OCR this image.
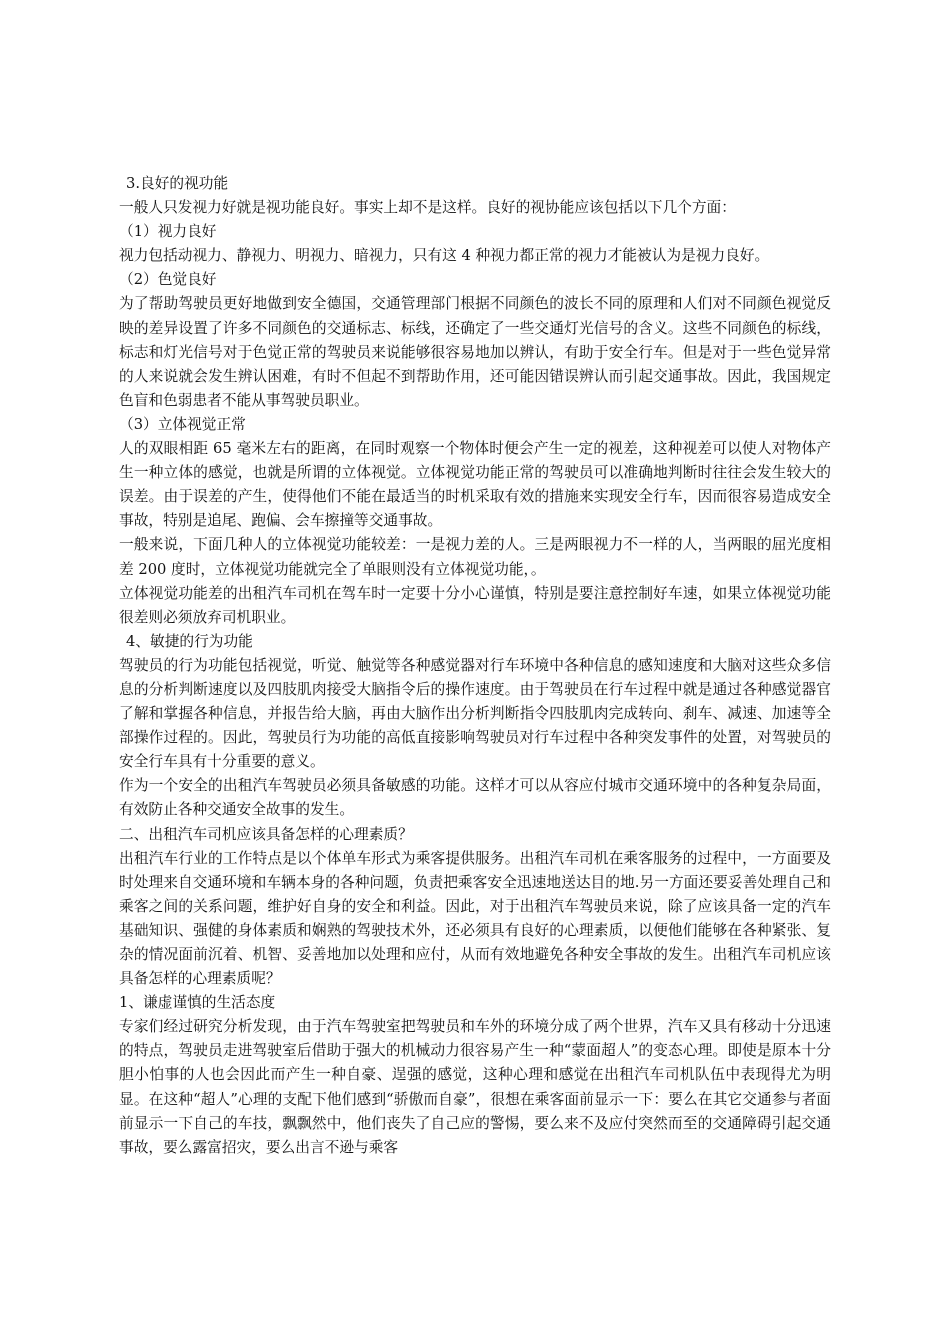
3.良好的视功能

一般人只发视力好就是视功能良好。事实上却不是这样。良好的视协能应该包括以下几个方面：

（1）视力良好

视力包括动视力、静视力、明视力、暗视力，只有这 4 种视力都正常的视力才能被认为是视力良好。

（2）色觉良好

为了帮助驾驶员更好地做到安全德国，交通管理部门根据不同颜色的波长不同的原理和人们对不同颜色视觉反映的差异设置了许多不同颜色的交通标志、标线，还确定了一些交通灯光信号的含义。这些不同颜色的标线，标志和灯光信号对于色觉正常的驾驶员来说能够很容易地加以辨认，有助于安全行车。但是对于一些色觉异常的人来说就会发生辨认困难，有时不但起不到帮助作用，还可能因错误辨认而引起交通事故。因此，我国规定色盲和色弱患者不能从事驾驶员职业。

（3）立体视觉正常

人的双眼相距 65 毫米左右的距离，在同时观察一个物体时便会产生一定的视差，这种视差可以使人对物体产生一种立体的感觉，也就是所谓的立体视觉。立体视觉功能正常的驾驶员可以准确地判断时往往会发生较大的误差。由于误差的产生，使得他们不能在最适当的时机采取有效的措施来实现安全行车，因而很容易造成安全事故，特别是追尾、跑偏、会车擦撞等交通事故。

一般来说，下面几种人的立体视觉功能较差：一是视力差的人。三是两眼视力不一样的人，当两眼的屈光度相差 200 度时，立体视觉功能就完全了单眼则没有立体视觉功能，。

立体视觉功能差的出租汽车司机在驾车时一定要十分小心谨慎，特别是要注意控制好车速，如果立体视觉功能很差则必须放弃司机职业。

4、敏捷的行为功能

驾驶员的行为功能包括视觉，听觉、触觉等各种感觉器对行车环境中各种信息的感知速度和大脑对这些众多信息的分析判断速度以及四肢肌肉接受大脑指令后的操作速度。由于驾驶员在行车过程中就是通过各种感觉器官了解和掌握各种信息，并报告给大脑，再由大脑作出分析判断指令四肢肌肉完成转向、刹车、减速、加速等全部操作过程的。因此，驾驶员行为功能的高低直接影响驾驶员对行车过程中各种突发事件的处置，对驾驶员的安全行车具有十分重要的意义。

作为一个安全的出租汽车驾驶员必须具备敏感的功能。这样才可以从容应付城市交通环境中的各种复杂局面，有效防止各种交通安全故事的发生。

二、出租汽车司机应该具备怎样的心理素质？

出租汽车行业的工作特点是以个体单车形式为乘客提供服务。出租汽车司机在乘客服务的过程中，一方面要及时处理来自交通环境和车辆本身的各种问题，负责把乘客安全迅速地送达目的地.另一方面还要妥善处理自己和乘客之间的关系问题，维护好自身的安全和利益。因此，对于出租汽车驾驶员来说，除了应该具备一定的汽车基础知识、强健的身体素质和娴熟的驾驶技术外，还必须具有良好的心理素质，以便他们能够在各种紧张、复杂的情况面前沉着、机智、妥善地加以处理和应付，从而有效地避免各种安全事故的发生。出租汽车司机应该具备怎样的心理素质呢？

1、谦虚谨慎的生活态度

专家们经过研究分析发现，由于汽车驾驶室把驾驶员和车外的环境分成了两个世界，汽车又具有移动十分迅速的特点，驾驶员走进驾驶室后借助于强大的机械动力很容易产生一种“蒙面超人”的变态心理。即使是原本十分胆小怕事的人也会因此而产生一种自豪、逞强的感觉，这种心理和感觉在出租汽车司机队伍中表现得尤为明显。在这种“超人”心理的支配下他们感到“骄傲而自豪”，很想在乘客面前显示一下：要么在其它交通参与者面前显示一下自己的车技，飘飘然中，他们丧失了自己应的警惕，要么来不及应付突然而至的交通障碍引起交通事故，要么露富招灾，要么出言不逊与乘客
